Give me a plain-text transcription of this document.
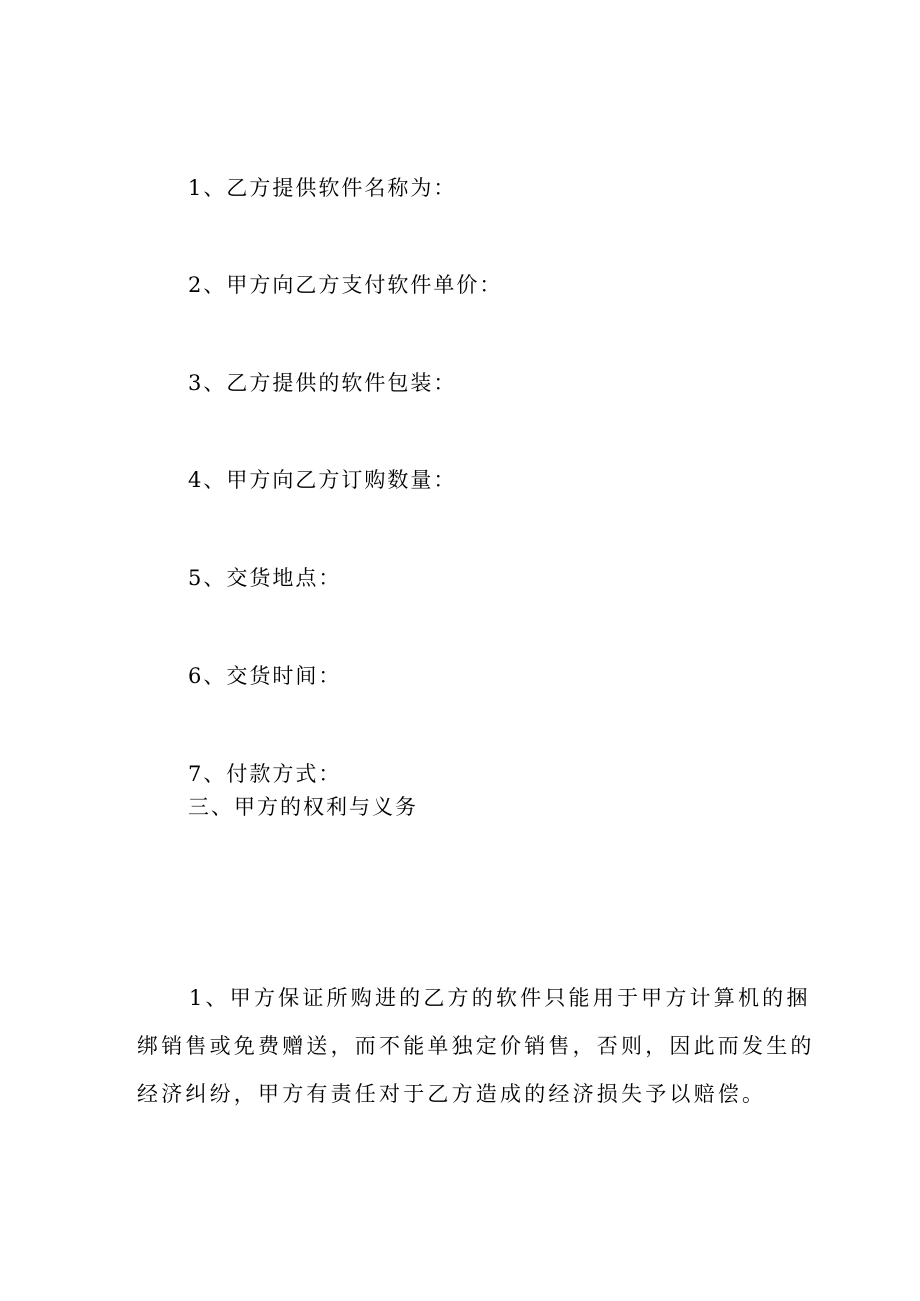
1、乙方提供软件名称为：
2、甲方向乙方支付软件单价：
3、乙方提供的软件包装：
4、甲方向乙方订购数量：
5、交货地点：
6、交货时间：
7、付款方式：
三、甲方的权利与义务
1、甲方保证所购进的乙方的软件只能用于甲方计算机的捆
绑销售或免费赠送，而不能单独定价销售，否则，因此而发生的
经济纠纷，甲方有责任对于乙方造成的经济损失予以赔偿。
